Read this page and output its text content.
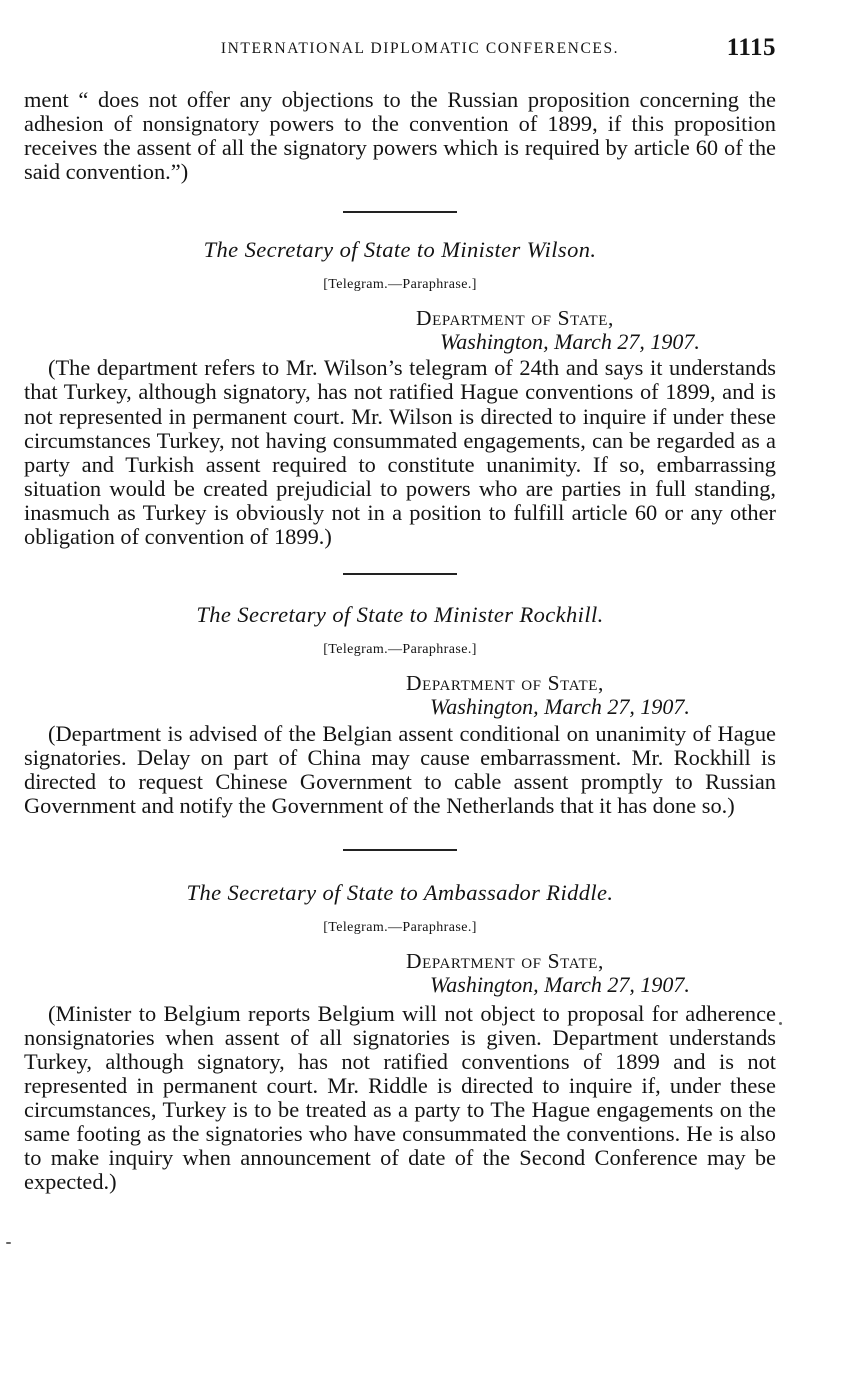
INTERNATIONAL DIPLOMATIC CONFERENCES.	1115

ment “ does not offer any objections to the Russian proposition concerning the adhesion of nonsignatory powers to the convention of 1899, if this proposition receives the assent of all the signatory powers which is required by article 60 of the said convention.”)

The Secretary of State to Minister Wilson.

[Telegram.—Paraphrase.]

Department of State,
Washington, March 27, 1907.

(The department refers to Mr. Wilson’s telegram of 24th and says it understands that Turkey, although signatory, has not ratified Hague conventions of 1899, and is not represented in permanent court. Mr. Wilson is directed to inquire if under these circumstances Turkey, not having consummated engagements, can be regarded as a party and Turkish assent required to constitute unanimity. If so, embarrassing situation would be created prejudicial to powers who are parties in full standing, inasmuch as Turkey is obviously not in a position to fulfill article 60 or any other obligation of convention of 1899.)

The Secretary of State to Minister Rockhill.

[Telegram.—Paraphrase.]

Department of State,
Washington, March 27, 1907.

(Department is advised of the Belgian assent conditional on unanimity of Hague signatories. Delay on part of China may cause embarrassment. Mr. Rockhill is directed to request Chinese Government to cable assent promptly to Russian Government and notify the Government of the Netherlands that it has done so.)

The Secretary of State to Ambassador Riddle.

[Telegram.—Paraphrase.]

Department of State,
Washington, March 27, 1907.

(Minister to Belgium reports Belgium will not object to proposal for adherence nonsignatories when assent of all signatories is given. Department understands Turkey, although signatory, has not ratified conventions of 1899 and is not represented in permanent court. Mr. Riddle is directed to inquire if, under these circumstances, Turkey is to be treated as a party to The Hague engagements on the same footing as the signatories who have consummated the conventions. He is also to make inquiry when announcement of date of the Second Conference may be expected.)
